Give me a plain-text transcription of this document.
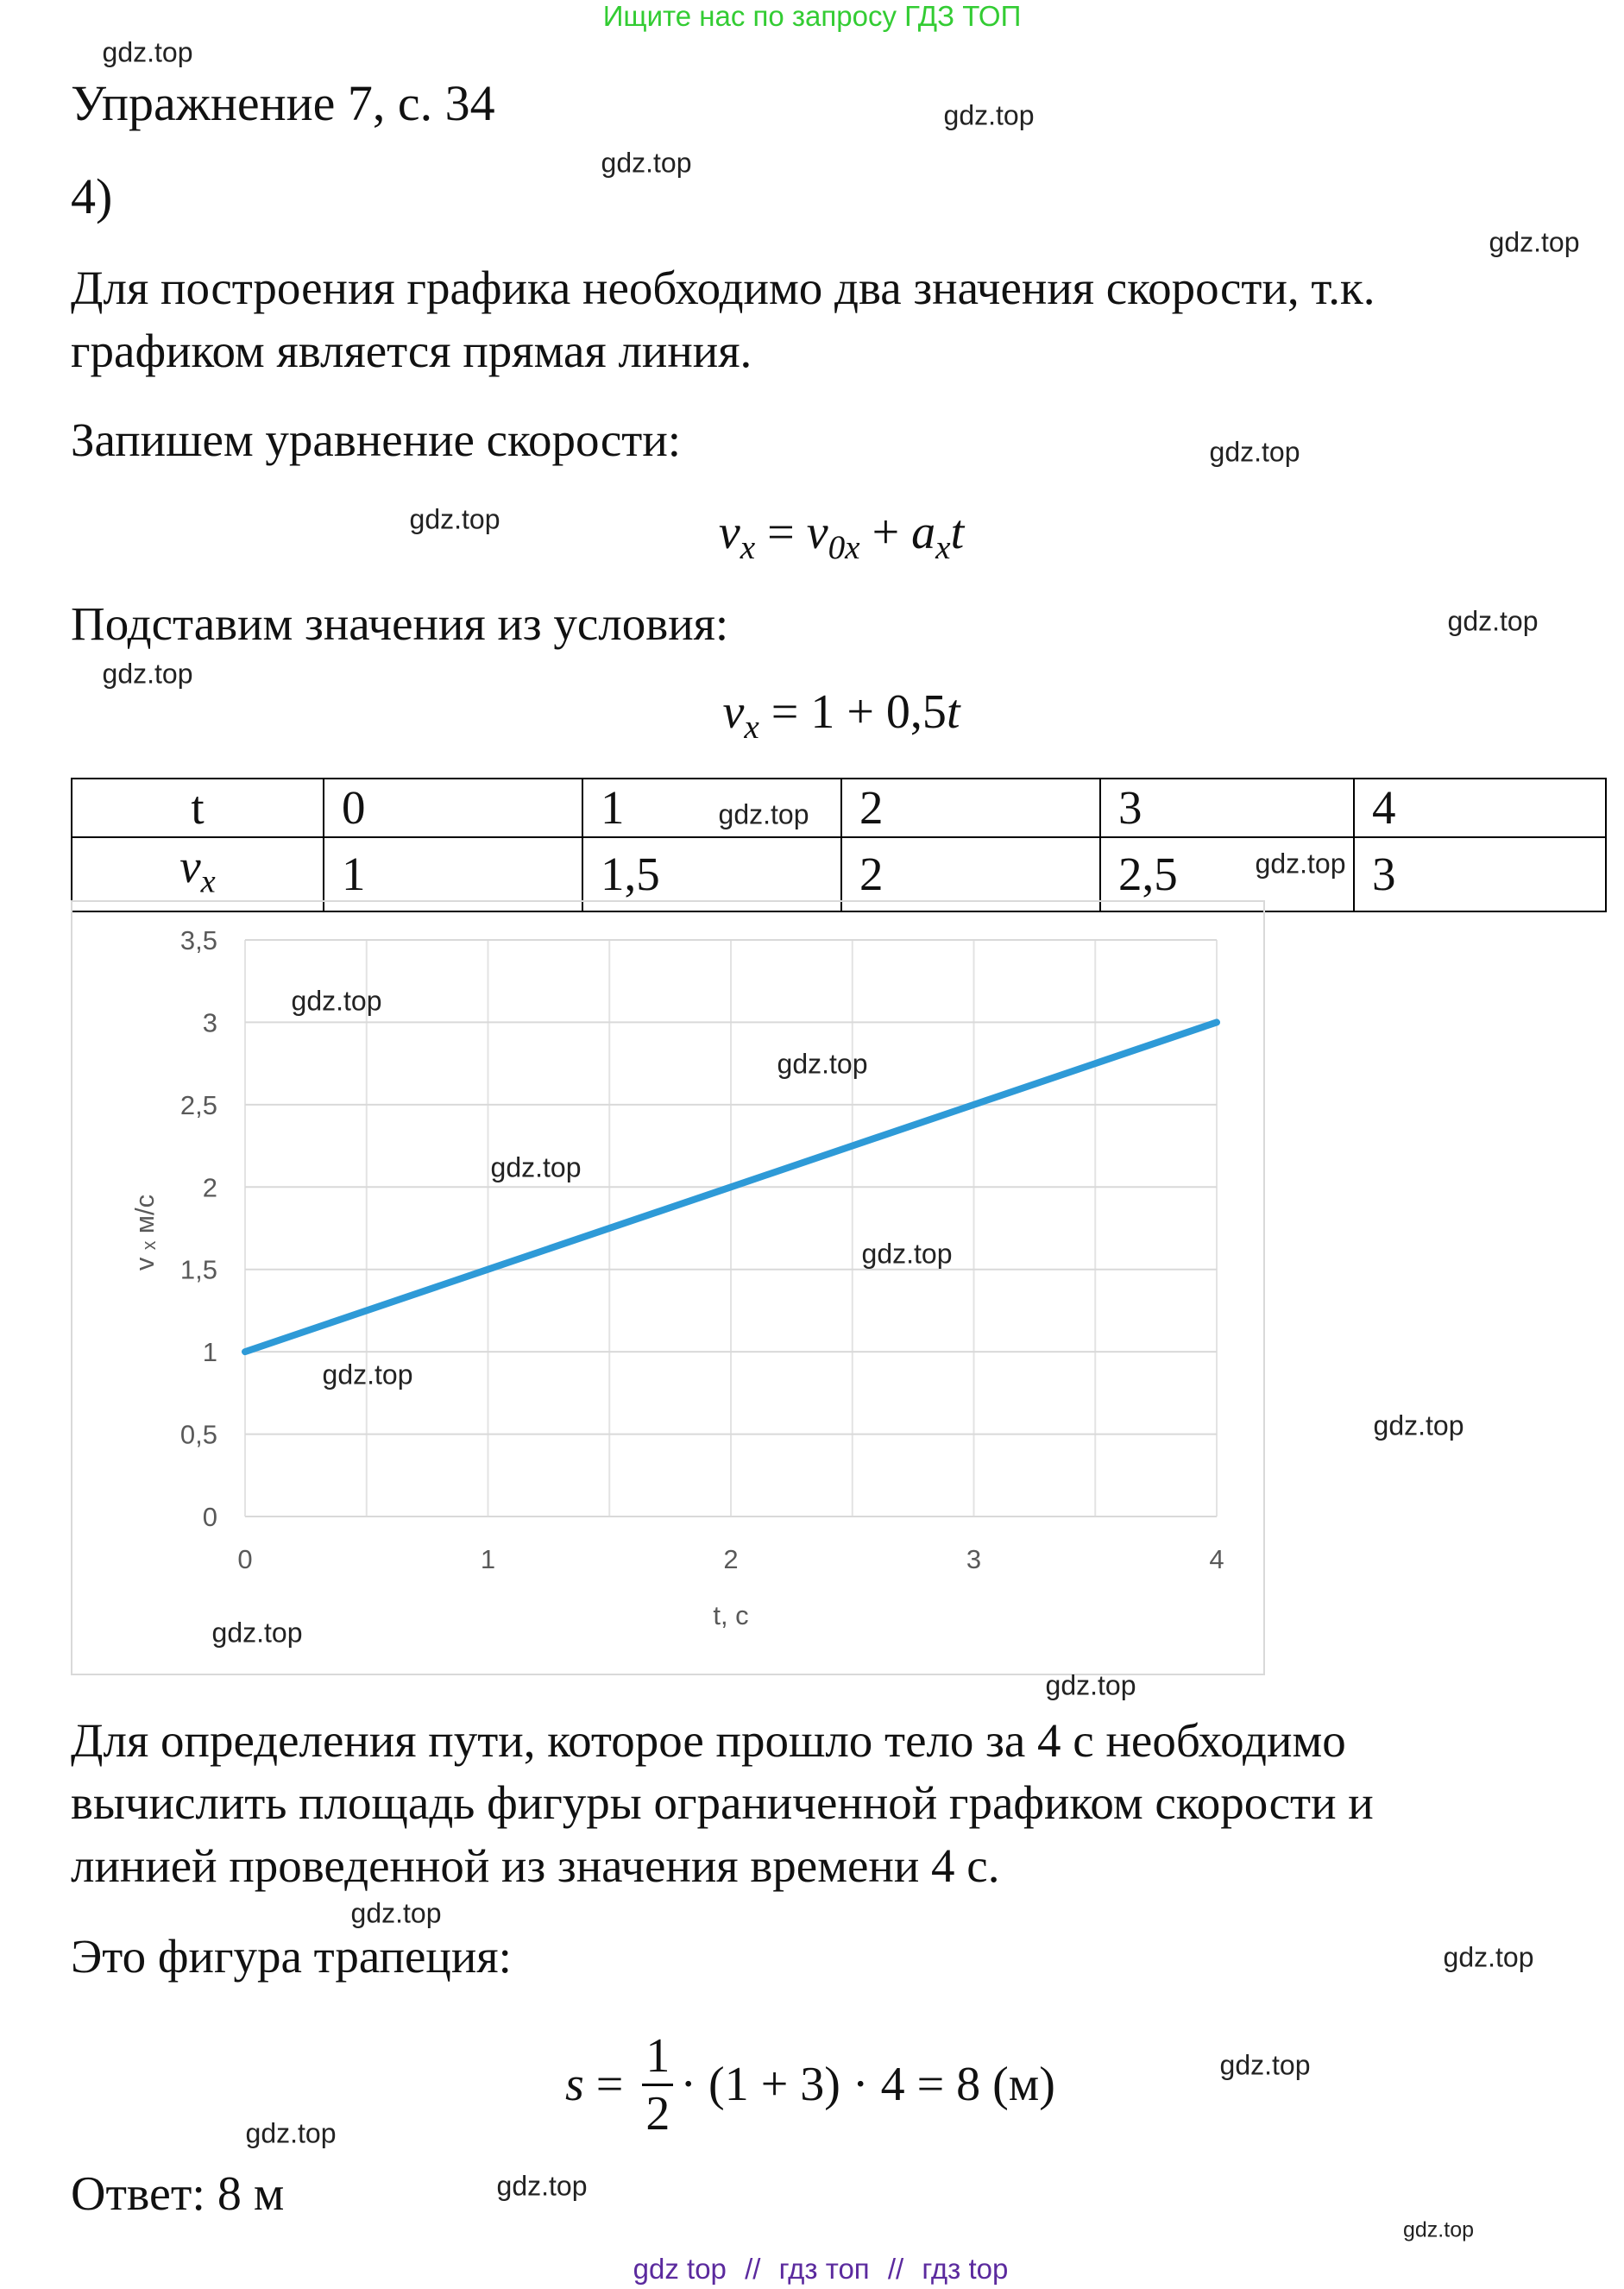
Ищите нас по запросу ГДЗ ТОП
Упражнение 7, с. 34
4)
Для построения графика необходимо два значения скорости, т.к.
графиком является прямая линия.
Запишем уравнение скорости:
$v_x = v_{0x} + a_xt$
Подставим значения из условия:
$v_x = 1 + 0,5t$
t	0	1	2	3	4
$v_x$	1	1,5	2	2,5	3
0
0,5
1
1,5
2
2,5
3
3,5
0	1	2	3	4
t, c
v ₓ м/с
Для определения пути, которое прошло тело за 4 с необходимо
вычислить площадь фигуры ограниченной графиком скорости и
линией проведенной из значения времени 4 с.
Это фигура трапеция:
$s = \frac{1}{2} \cdot (1 + 3) \cdot 4 = 8$ (м)
Ответ: 8 м
gdz top // гдз топ // гдз top
gdz.top
gdz.top
gdz.top
gdz.top
gdz.top
gdz.top
gdz.top
gdz.top
gdz.top
gdz.top
gdz.top
gdz.top
gdz.top
gdz.top
gdz.top
gdz.top
gdz.top
gdz.top
gdz.top
gdz.top
gdz.top
gdz.top
gdz.top
gdz.top
